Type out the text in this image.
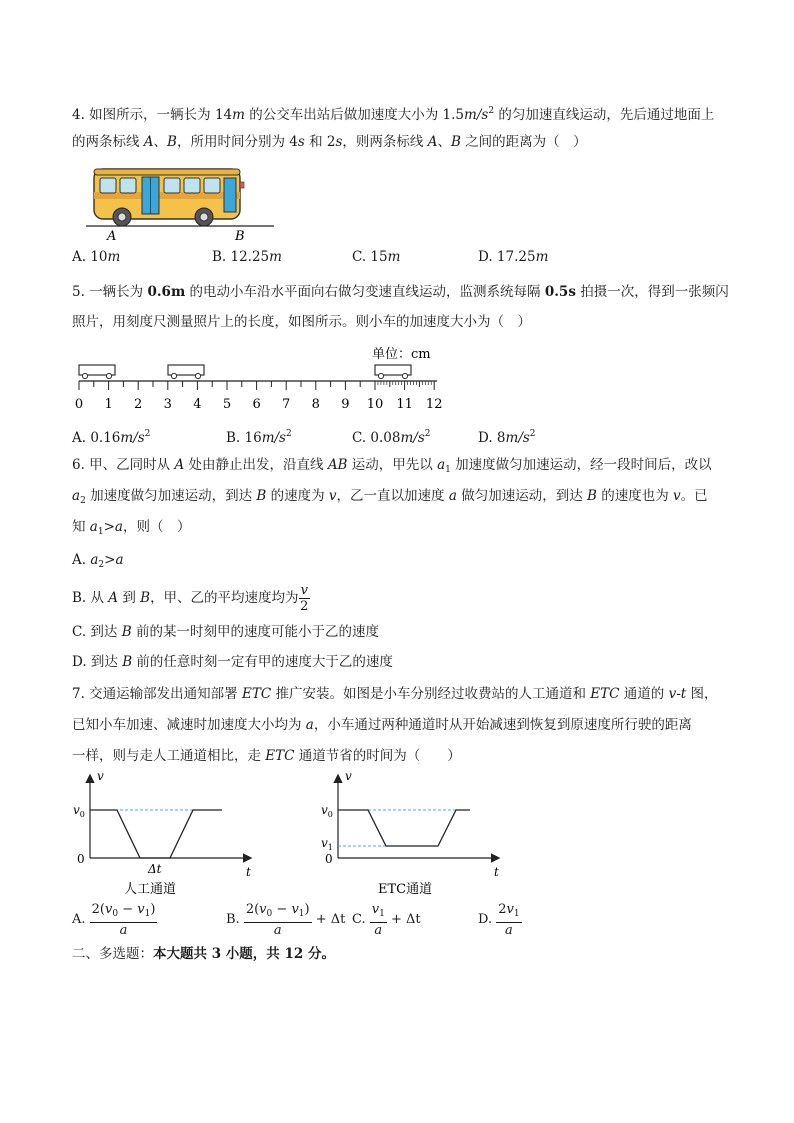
4. 如图所示，一辆长为 14m 的公交车出站后做加速度大小为 $1.5m/s^2$ 的匀加速直线运动，先后通过地面上
的两条标线 A、B，所用时间分别为 4s 和 2s，则两条标线 A、B 之间的距离为（　）
A	B
A. 10m	B. 12.25m	C. 15m	D. 17.25m
5. 一辆长为 0.6m 的电动小车沿水平面向右做匀变速直线运动，监测系统每隔 0.5s 拍摄一次，得到一张频闪
照片，用刻度尺测量照片上的长度，如图所示。则小车的加速度大小为（　）
单位：cm
0 1 2 3 4 5 6 7 8 9 10 11 12
A. $0.16m/s^2$	B. $16m/s^2$	C. $0.08m/s^2$	D. $8m/s^2$
6. 甲、乙同时从 A 处由静止出发，沿直线 AB 运动，甲先以 $a_1$ 加速度做匀加速运动，经一段时间后，改以
$a_2$ 加速度做匀加速运动，到达 B 的速度为 v，乙一直以加速度 a 做匀加速运动，到达 B 的速度也为 v。已
知 $a_1>a$，则（　）
A. $a_2>a$
B. 从 A 到 B，甲、乙的平均速度均为 $\frac{v}{2}$
C. 到达 B 前的某一时刻甲的速度可能小于乙的速度
D. 到达 B 前的任意时刻一定有甲的速度大于乙的速度
7. 交通运输部发出通知部署 ETC 推广安装。如图是小车分别经过收费站的人工通道和 ETC 通道的 v-t 图，
已知小车加速、减速时加速度大小均为 a，小车通过两种通道时从开始减速到恢复到原速度所行驶的距离
一样，则与走人工通道相比，走 ETC 通道节省的时间为（　　）
v
t
$v_0$
0
Δt
人工通道
v
t
$v_0$
$v_1$
0
ETC通道
A. $\frac{2(v_0 - v_1)}{a}$	B. $\frac{2(v_0 - v_1)}{a} + \Delta t$ C. $\frac{v_1}{a} + \Delta t$	D. $\frac{2v_1}{a}$
二、多选题：本大题共 3 小题，共 12 分。
